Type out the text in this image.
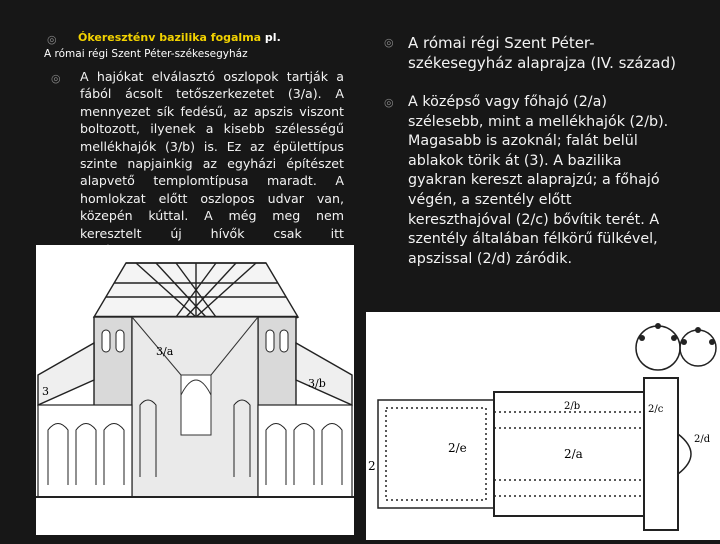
◎ Ókereszténv bazilika fogalma pl.
A római régi Szent Péter-székesegyház
◎ A hajókat elválasztó oszlopok tartják a fából ácsolt tetőszerkezetet (3/a). A mennyezet sík fedésű, az apszis viszont boltozott, ilyenek a kisebb szélességű mellékhajók (3/b) is. Ez az épülettípus szinte napjainkig az egyházi építészet alapvető templomtípusa maradt. A homlokzat előtt oszlopos udvar van, közepén kúttal. A még meg nem keresztelt új hívők csak itt
◎ A római régi Szent Péter-székesegyház alaprajza (IV. század)
◎ A középső vagy főhajó (2/a) szélesebb, mint a mellékhajók (2/b). Magasabb is azoknál; falát belül ablakok törik át (3). A bazilika gyakran kereszt alaprajzú; a főhajó végén, a szentély előtt kereszthajóval (2/c) bővítik terét. A szentély általában félkörű fülkével, apszissal (2/d) záródik.
3
3/a
3/b
2/e	2/a
2/b	2/c
2/d
2
